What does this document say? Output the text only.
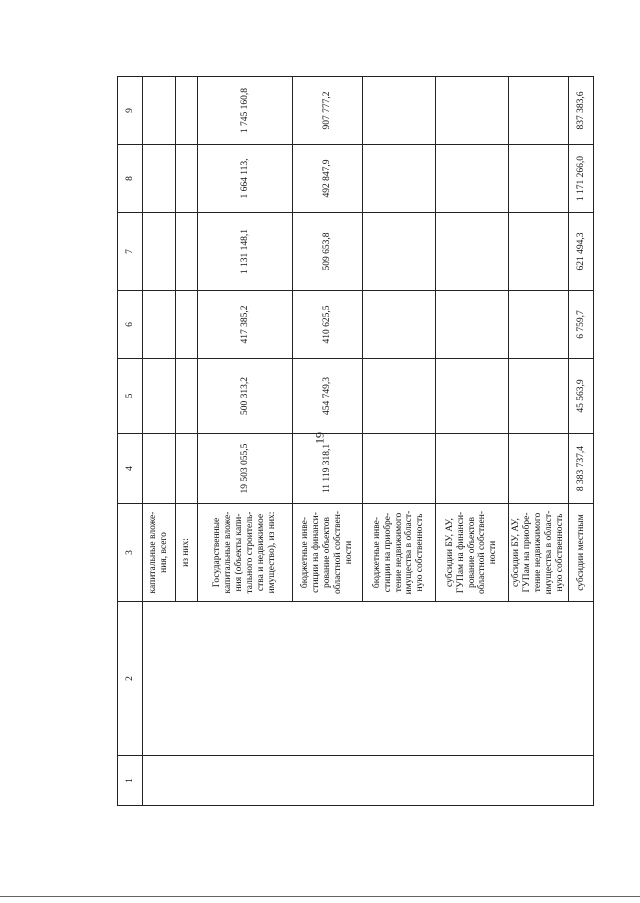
19
1	2	3	4	5	6	7	8	9
		капитальные вложе-ния, всего						
		из них:						
		Государственные капитальные вложе-ния (объекты капи-тального строитель-ства и недвижимое имущество), из них:	19 503 055,5	500 313,2	417 385,2	1 131 148,1	1 664 113,	1 745 160,8
		бюджетные инве-стиции на финанси-рование объектов областной собствен-ности	11 119 318,1	454 749,3	410 625,5	509 653,8	492 847,9	907 777,2
		бюджетные инве-стиции на приобре-тение недвижимого имущества в област-ную собственность						
		субсидии БУ, АУ, ГУПам на финанси-рование объектов областной собствен-ности						
		субсидии БУ, АУ, ГУПам на приобре-тение недвижимого имущества в област-ную собственность						
		субсидии местным	8 383 737,4	45 563,9	6 759,7	621 494,3	1 171 266,0	837 383,6
